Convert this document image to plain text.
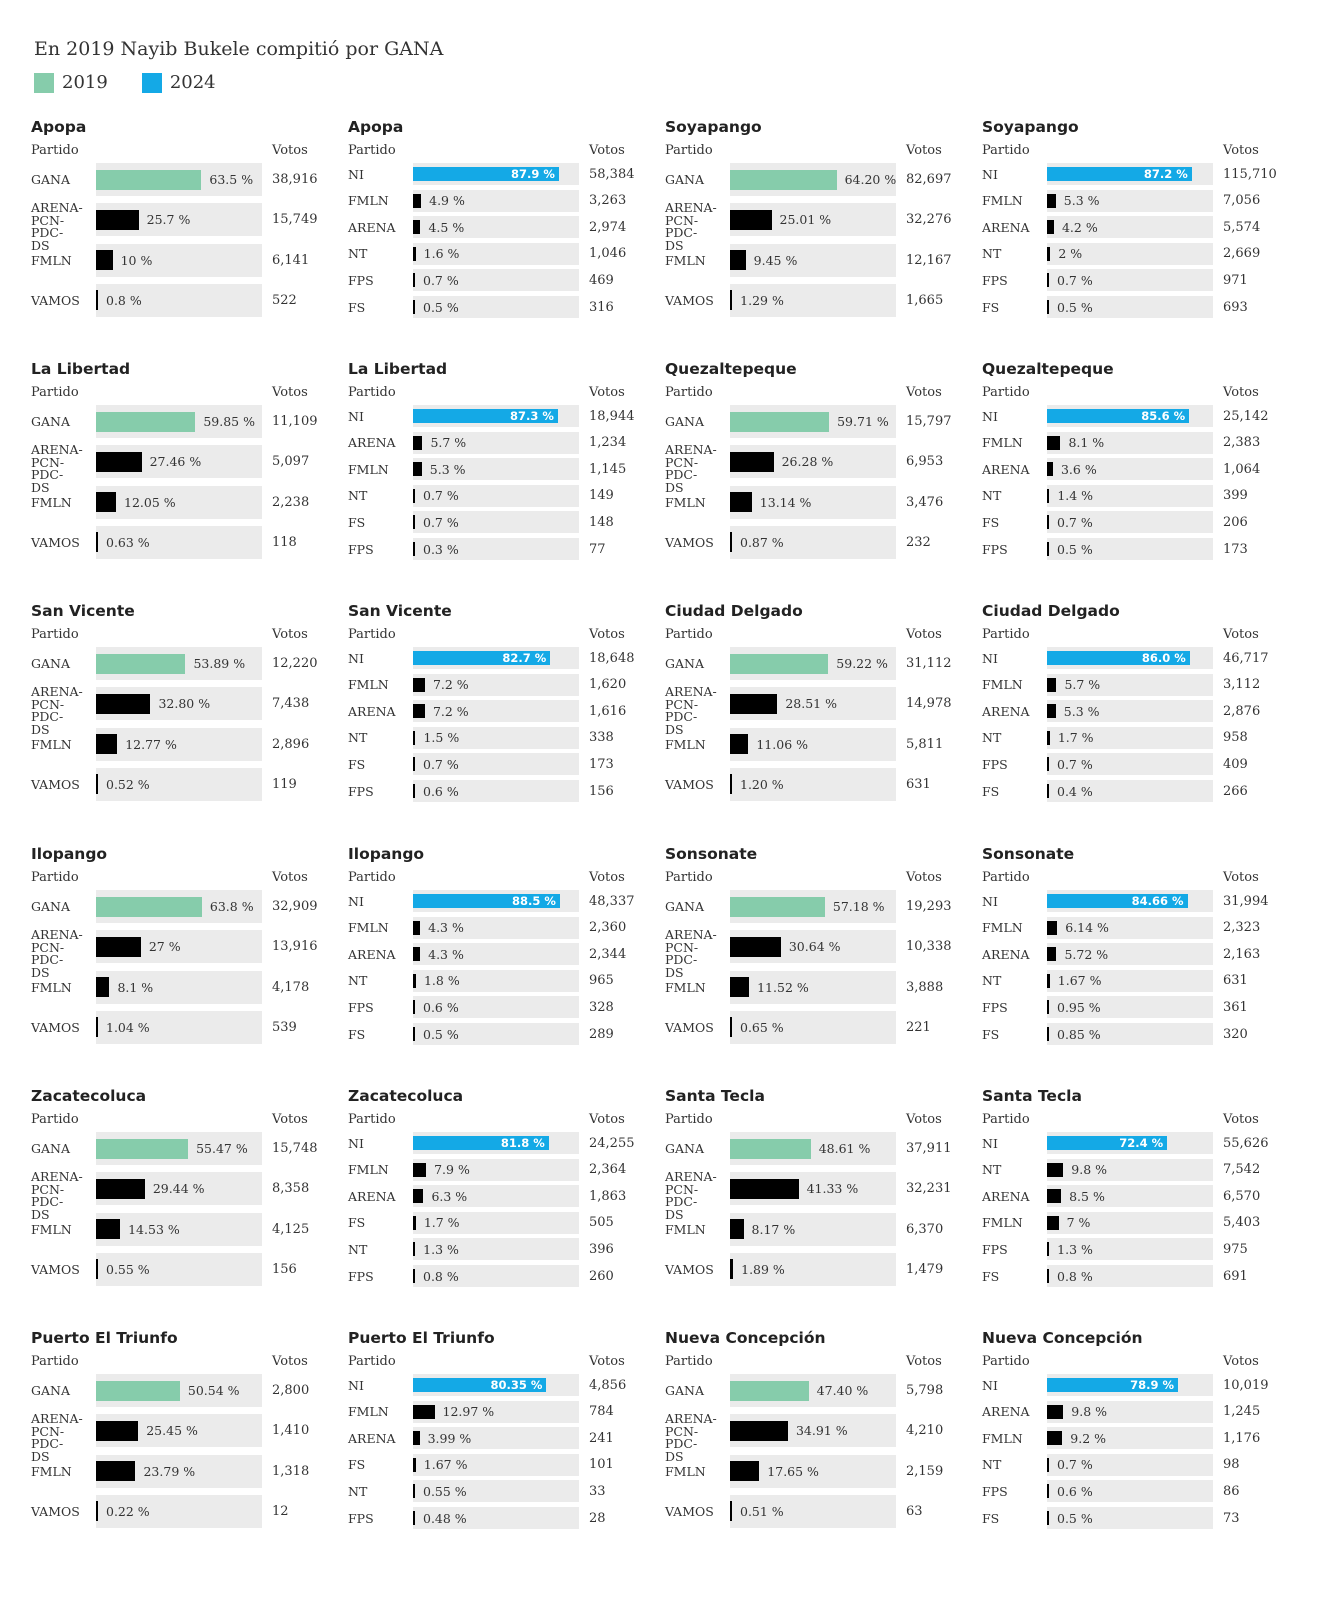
En 2019 Nayib Bukele compitió por GANA
2019	2024
Apopa
Partido	Votos
GANA	63.5 % 38,916
ARENA-​PCN-​PDC-DS
25.7 %	15,749
FMLN	10 %	6,141
VAMOS 0.8 %	522
Apopa
Partido	Votos
NI	87.9 %	58,384
FMLN	4.9 %	3,263
ARENA	4.5 %	2,974
NT	1.6 %	1,046
FPS	0.7 %	469
FS	0.5 %	316
Soyapango
Partido	Votos
GANA	64.20 % 82,697
ARENA-​PCN-​PDC-DS
25.01 %	32,276
FMLN	9.45 %	12,167
VAMOS 1.29 %	1,665
Soyapango
Partido	Votos
NI	87.2 %	115,710
FMLN	5.3 %	7,056
ARENA	4.2 %	5,574
NT	2 %	2,669
FPS	0.7 %	971
FS	0.5 %	693
La Libertad
Partido	Votos
GANA	59.85 % 11,109
ARENA-​PCN-​PDC-DS
27.46 %	5,097
FMLN	12.05 %	2,238
VAMOS 0.63 %	118
La Libertad
Partido	Votos
NI	87.3 %	18,944
ARENA	5.7 %	1,234
FMLN	5.3 %	1,145
NT	0.7 %	149
FS	0.7 %	148
FPS	0.3 %	77
Quezaltepeque
Partido	Votos
GANA	59.71 % 15,797
ARENA-​PCN-​PDC-DS
26.28 %	6,953
FMLN	13.14 %	3,476
VAMOS 0.87 %	232
Quezaltepeque
Partido	Votos
NI	85.6 %	25,142
FMLN	8.1 %	2,383
ARENA	3.6 %	1,064
NT	1.4 %	399
FS	0.7 %	206
FPS	0.5 %	173
San Vicente
Partido	Votos
GANA	53.89 % 12,220
ARENA-​PCN-​PDC-DS
32.80 %	7,438
FMLN	12.77 %	2,896
VAMOS 0.52 %	119
San Vicente
Partido	Votos
NI	82.7 %	18,648
FMLN	7.2 %	1,620
ARENA	7.2 %	1,616
NT	1.5 %	338
FS	0.7 %	173
FPS	0.6 %	156
Ciudad Delgado
Partido	Votos
GANA	59.22 % 31,112
ARENA-​PCN-​PDC-DS
28.51 %	14,978
FMLN	11.06 %	5,811
VAMOS 1.20 %	631
Ciudad Delgado
Partido	Votos
NI	86.0 %	46,717
FMLN	5.7 %	3,112
ARENA	5.3 %	2,876
NT	1.7 %	958
FPS	0.7 %	409
FS	0.4 %	266
Ilopango
Partido	Votos
GANA	63.8 % 32,909
ARENA-​PCN-​PDC-DS
27 %	13,916
FMLN	8.1 %	4,178
VAMOS 1.04 %	539
Ilopango
Partido	Votos
NI	88.5 %	48,337
FMLN	4.3 %	2,360
ARENA	4.3 %	2,344
NT	1.8 %	965
FPS	0.6 %	328
FS	0.5 %	289
Sonsonate
Partido	Votos
GANA	57.18 % 19,293
ARENA-​PCN-​PDC-DS
30.64 %	10,338
FMLN	11.52 %	3,888
VAMOS 0.65 %	221
Sonsonate
Partido	Votos
NI	84.66 %	31,994
FMLN	6.14 %	2,323
ARENA	5.72 %	2,163
NT	1.67 %	631
FPS	0.95 %	361
FS	0.85 %	320
Zacatecoluca
Partido	Votos
GANA	55.47 % 15,748
ARENA-​PCN-​PDC-DS
29.44 %	8,358
FMLN	14.53 %	4,125
VAMOS 0.55 %	156
Zacatecoluca
Partido	Votos
NI	81.8 %	24,255
FMLN	7.9 %	2,364
ARENA	6.3 %	1,863
FS	1.7 %	505
NT	1.3 %	396
FPS	0.8 %	260
Santa Tecla
Partido	Votos
GANA	48.61 %	37,911
ARENA-​PCN-​PDC-DS
41.33 %	32,231
FMLN	8.17 %	6,370
VAMOS 1.89 %	1,479
Santa Tecla
Partido	Votos
NI	72.4 %	55,626
NT	9.8 %	7,542
ARENA	8.5 %	6,570
FMLN	7 %	5,403
FPS	1.3 %	975
FS	0.8 %	691
Puerto El Triunfo
Partido	Votos
GANA	50.54 % 2,800
ARENA-​PCN-​PDC-DS
25.45 %	1,410
FMLN	23.79 %	1,318
VAMOS 0.22 %	12
Puerto El Triunfo
Partido	Votos
NI	80.35 %	4,856
FMLN	12.97 %	784
ARENA	3.99 %	241
FS	1.67 %	101
NT	0.55 %	33
FPS	0.48 %	28
Nueva Concepción
Partido	Votos
GANA	47.40 %	5,798
ARENA-​PCN-​PDC-DS
34.91 %	4,210
FMLN	17.65 %	2,159
VAMOS 0.51 %	63
Nueva Concepción
Partido	Votos
NI	78.9 %	10,019
ARENA	9.8 %	1,245
FMLN	9.2 %	1,176
NT	0.7 %	98
FPS	0.6 %	86
FS	0.5 %	73
